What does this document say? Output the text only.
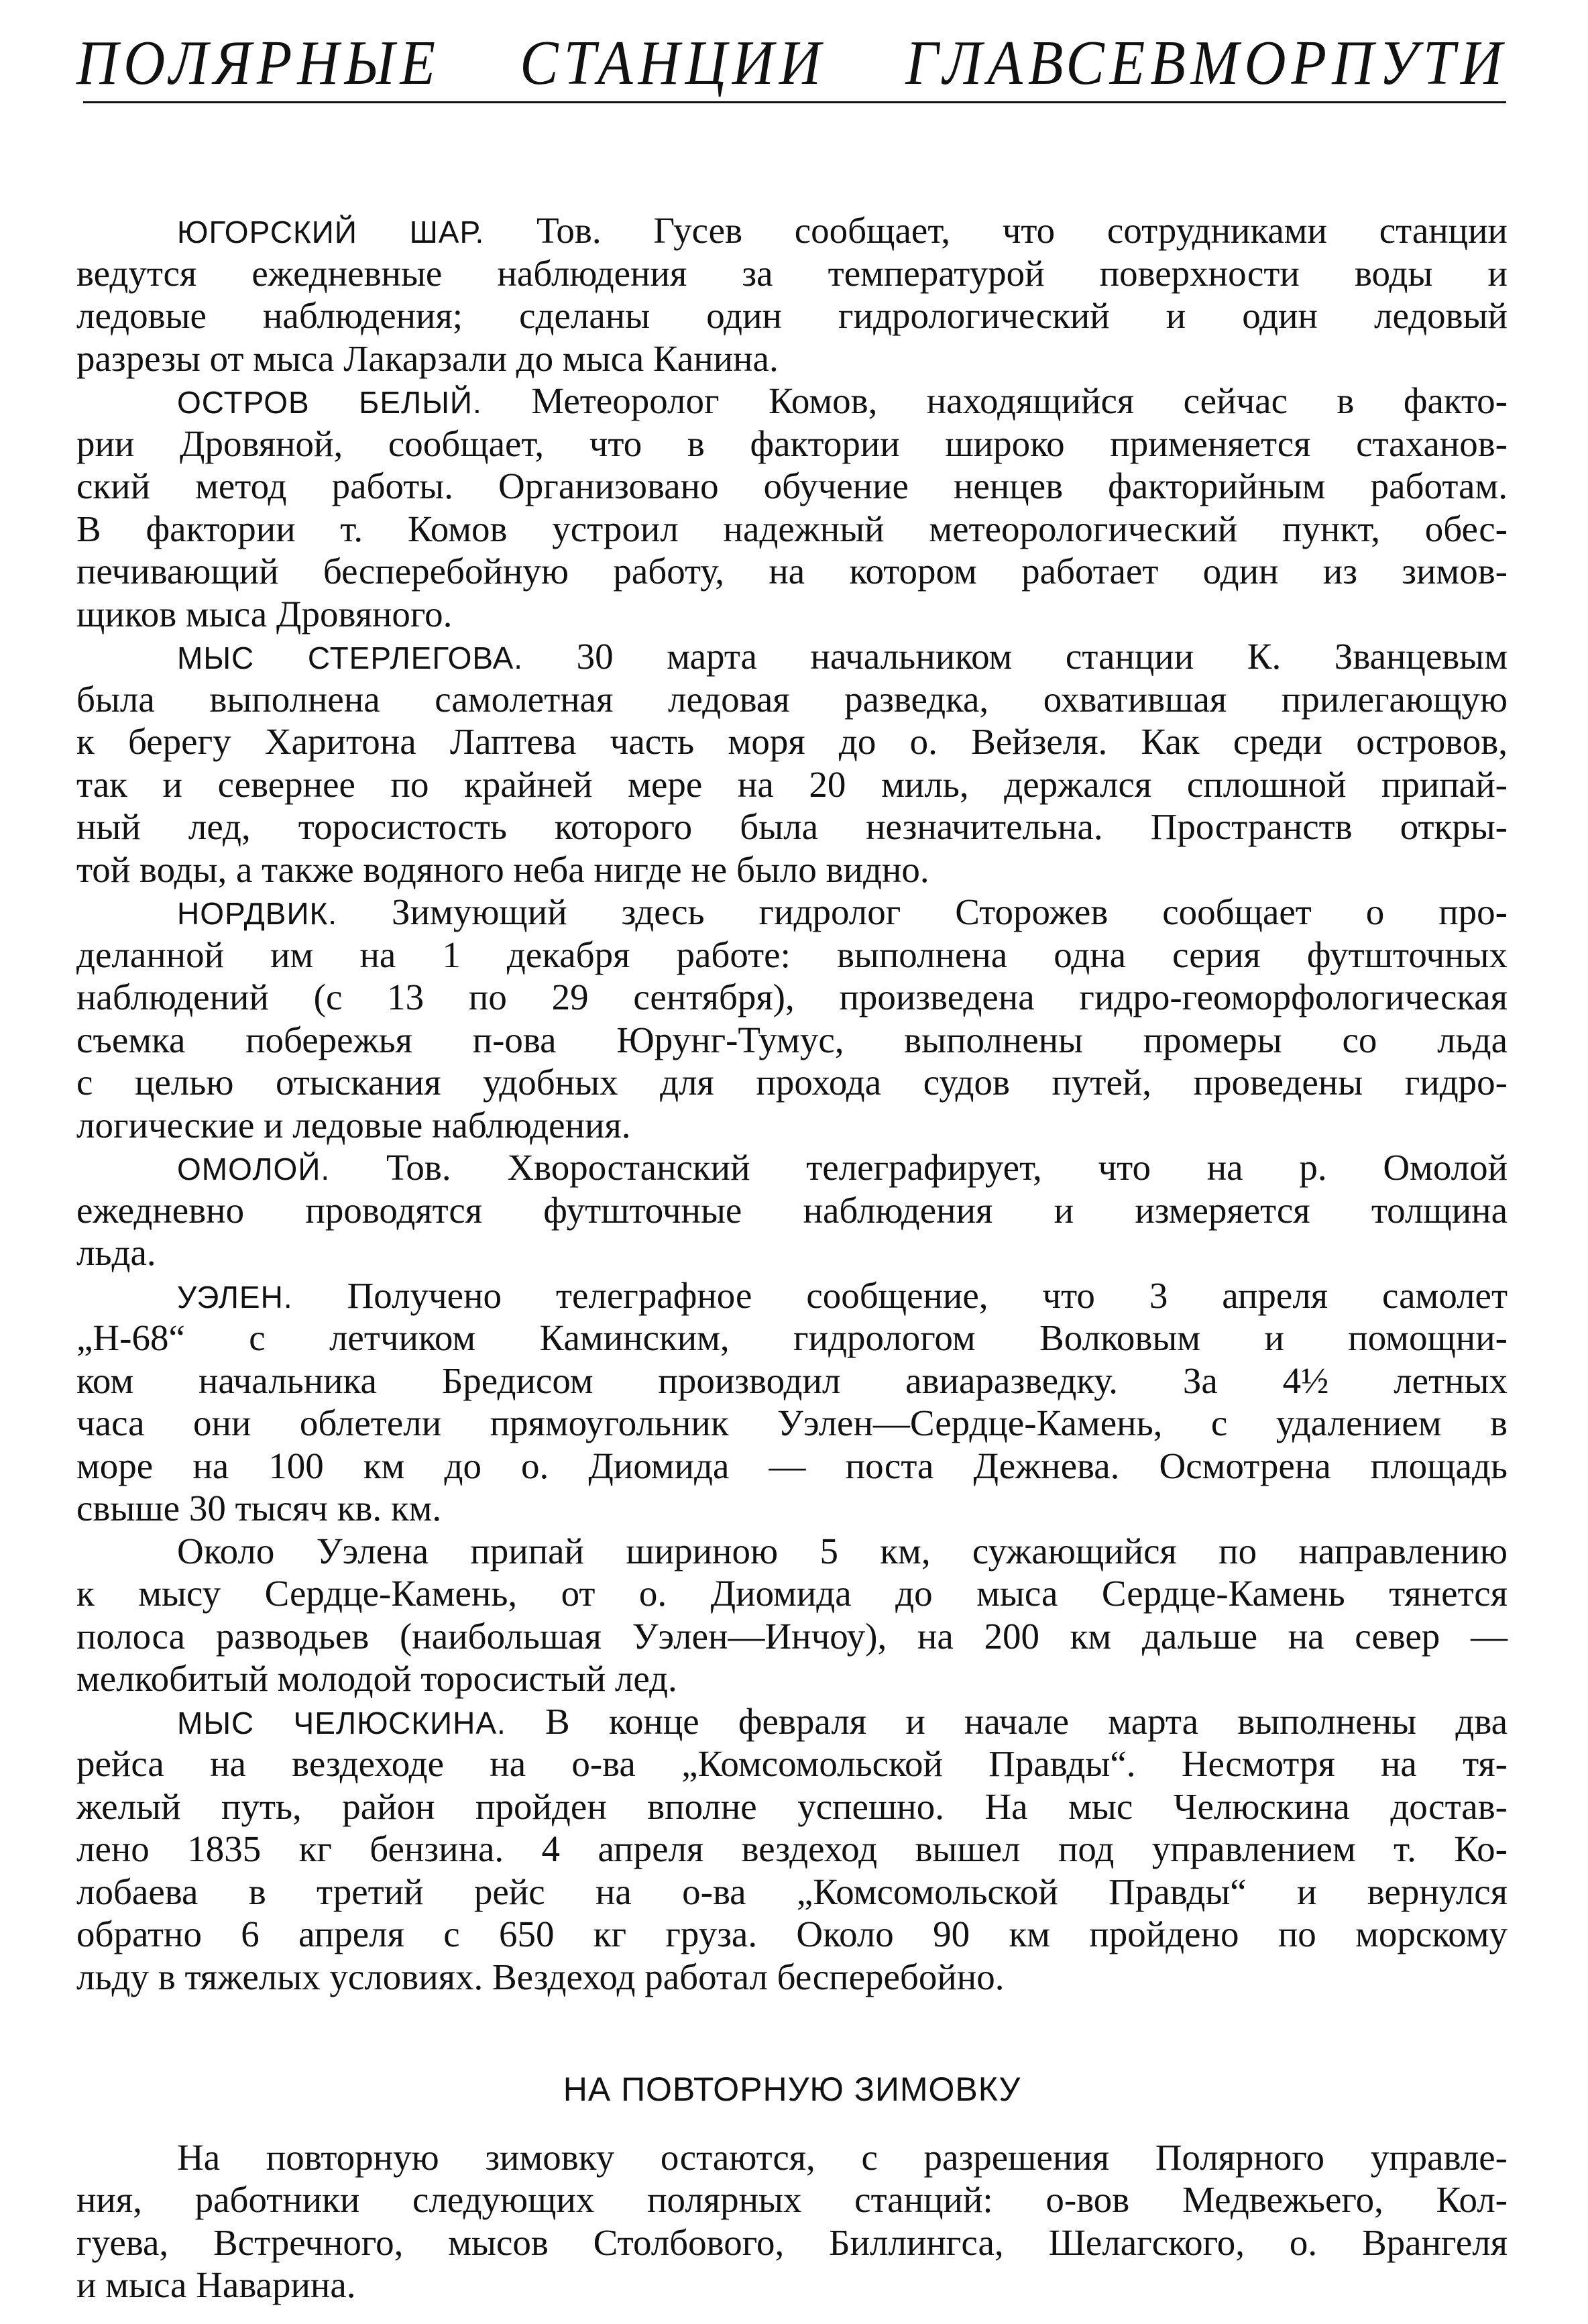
ПОЛЯРНЫЕ СТАНЦИИ ГЛАВСЕВМОРПУТИ
ЮГОРСКИЙ ШАР. Тов. Гусев сообщает, что сотрудниками станции
ведутся ежедневные наблюдения за температурой поверхности воды и
ледовые наблюдения; сделаны один гидрологический и один ледовый
разрезы от мыса Лакарзали до мыса Канина.
ОСТРОВ БЕЛЫЙ. Метеоролог Комов, находящийся сейчас в факто-
рии Дровяной, сообщает, что в фактории широко применяется стаханов-
ский метод работы. Организовано обучение ненцев факторийным работам.
В фактории т. Комов устроил надежный метеорологический пункт, обес-
печивающий бесперебойную работу, на котором работает один из зимов-
щиков мыса Дровяного.
МЫС СТЕРЛЕГОВА. 30 марта начальником станции К. Званцевым
была выполнена самолетная ледовая разведка, охватившая прилегающую
к берегу Харитона Лаптева часть моря до о. Вейзеля. Как среди островов,
так и севернее по крайней мере на 20 миль, держался сплошной припай-
ный лед, торосистость которого была незначительна. Пространств откры-
той воды, а также водяного неба нигде не было видно.
НОРДВИК. Зимующий здесь гидролог Сторожев сообщает о про-
деланной им на 1 декабря работе: выполнена одна серия футшточных
наблюдений (с 13 по 29 сентября), произведена гидро-геоморфологическая
съемка побережья п-ова Юрунг-Тумус, выполнены промеры со льда
с целью отыскания удобных для прохода судов путей, проведены гидро-
логические и ледовые наблюдения.
ОМОЛОЙ. Тов. Хворостанский телеграфирует, что на р. Омолой
ежедневно проводятся футшточные наблюдения и измеряется толщина
льда.
УЭЛЕН. Получено телеграфное сообщение, что 3 апреля самолет
„Н-68“ с летчиком Каминским, гидрологом Волковым и помощни-
ком начальника Бредисом производил авиаразведку. За 4½ летных
часа они облетели прямоугольник Уэлен—Сердце-Камень, с удалением в
море на 100 км до о. Диомида — поста Дежнева. Осмотрена площадь
свыше 30 тысяч кв. км.
Около Уэлена припай шириною 5 км, сужающийся по направлению
к мысу Сердце-Камень, от о. Диомида до мыса Сердце-Камень тянется
полоса разводьев (наибольшая Уэлен—Инчоу), на 200 км дальше на север —
мелкобитый молодой торосистый лед.
МЫС ЧЕЛЮСКИНА. В конце февраля и начале марта выполнены два
рейса на вездеходе на о-ва „Комсомольской Правды“. Несмотря на тя-
желый путь, район пройден вполне успешно. На мыс Челюскина достав-
лено 1835 кг бензина. 4 апреля вездеход вышел под управлением т. Ко-
лобаева в третий рейс на о-ва „Комсомольской Правды“ и вернулся
обратно 6 апреля с 650 кг груза. Около 90 км пройдено по морскому
льду в тяжелых условиях. Вездеход работал бесперебойно.
НА ПОВТОРНУЮ ЗИМОВКУ
На повторную зимовку остаются, с разрешения Полярного управле-
ния, работники следующих полярных станций: о-вов Медвежьего, Кол-
гуева, Встречного, мысов Столбового, Биллингса, Шелагского, о. Врангеля
и мыса Наварина.
